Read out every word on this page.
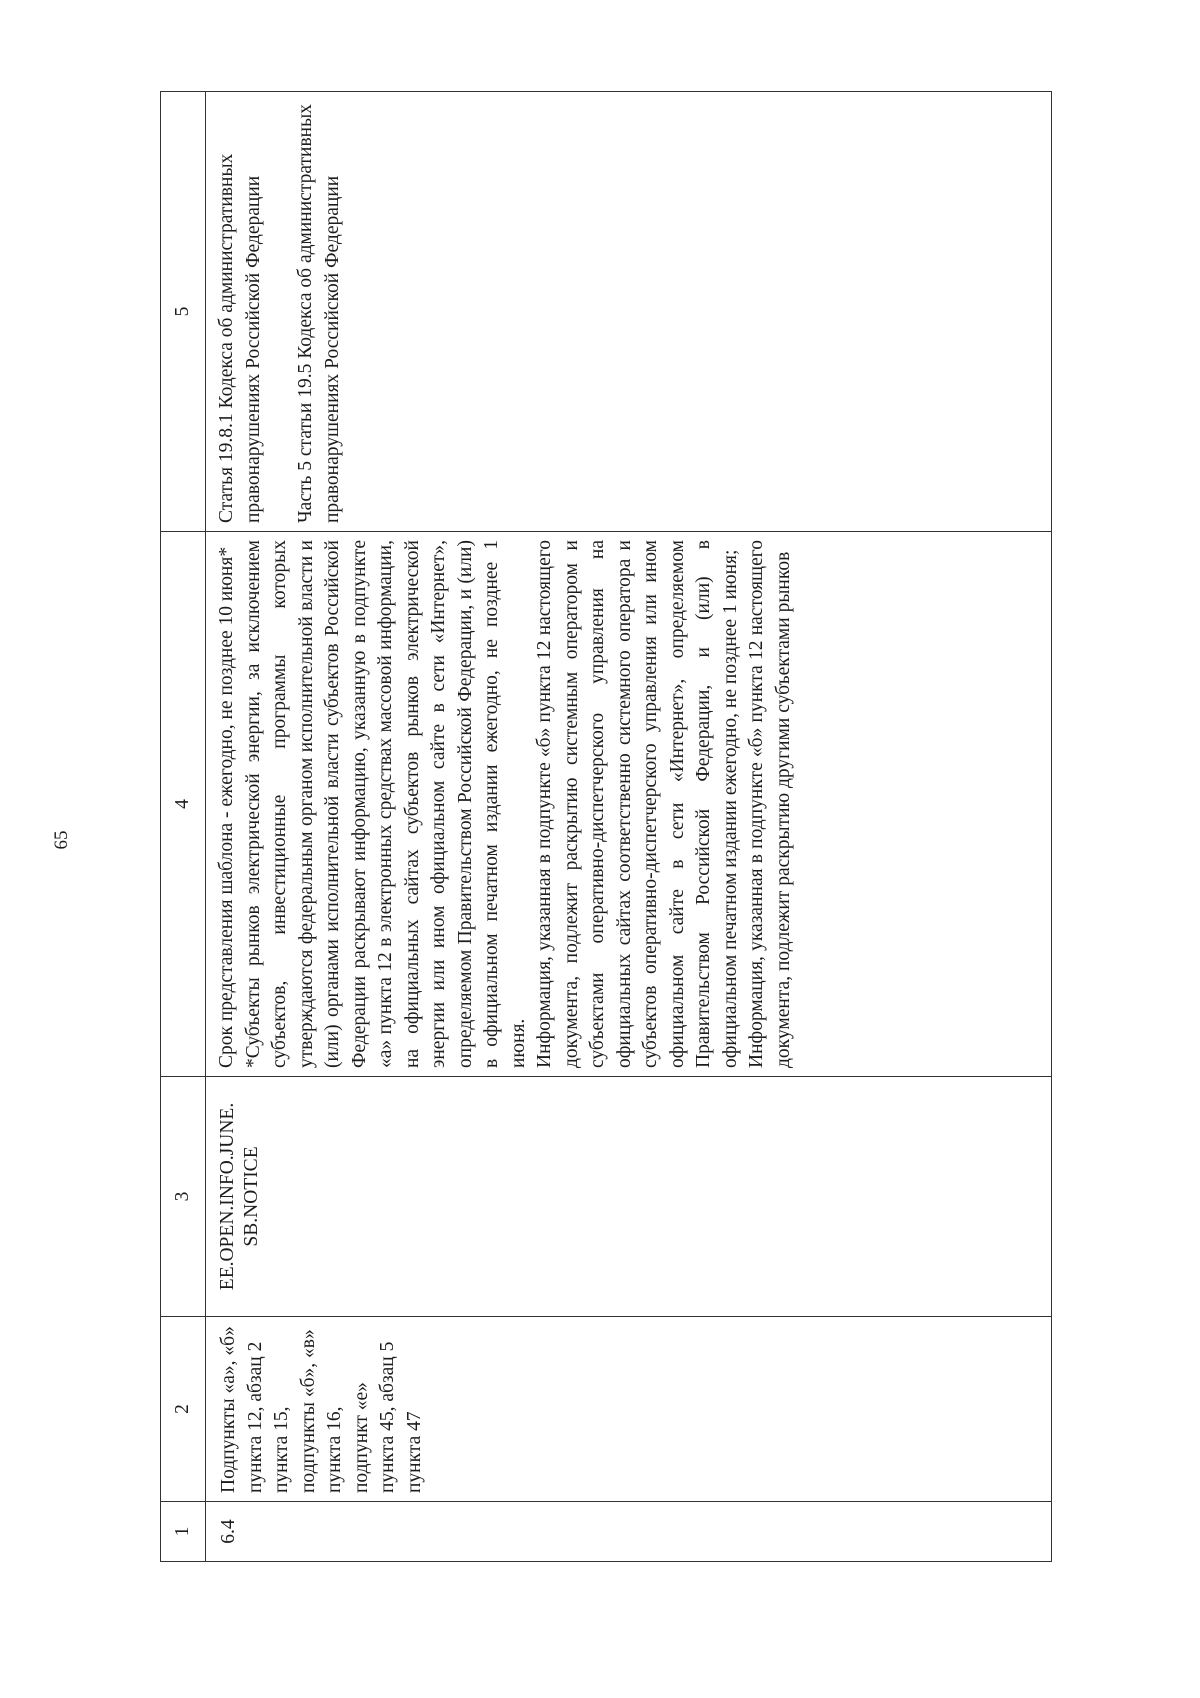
65
1	2	3	4	5
6.4	Подпункты «а», «б» пункта 12, абзац 2 пункта 15, подпункты «б», «в» пункта 16, подпункт «е» пункта 45, абзац 5 пункта 47	EE.OPEN.INFO.JUNE. SB.NOTICE	Срок представления шаблона - ежегодно, не позднее 10 июня* *Субъекты рынков электрической энергии, за исключением субъектов, инвестиционные программы которых утверждаются федеральным органом исполнительной власти и (или) органами исполнительной власти субъектов Российской Федерации раскрывают информацию, указанную в подпункте «а» пункта 12 в электронных средствах массовой информации, на официальных сайтах субъектов рынков электрической энергии или ином официальном сайте в сети «Интернет», определяемом Правительством Российской Федерации, и (или) в официальном печатном издании ежегодно, не позднее 1 июня. Информация, указанная в подпункте «б» пункта 12 настоящего документа, подлежит раскрытию системным оператором и субъектами оперативно-диспетчерского управления на официальных сайтах соответственно системного оператора и субъектов оперативно-диспетчерского управления или ином официальном сайте в сети «Интернет», определяемом Правительством Российской Федерации, и (или) в официальном печатном издании ежегодно, не позднее 1 июня; Информация, указанная в подпункте «б» пункта 12 настоящего документа, подлежит раскрытию другими субъектами рынков	Статья 19.8.1 Кодекса об административных правонарушениях Российской Федерации Часть 5 статьи 19.5 Кодекса об административных правонарушениях Российской Федерации
